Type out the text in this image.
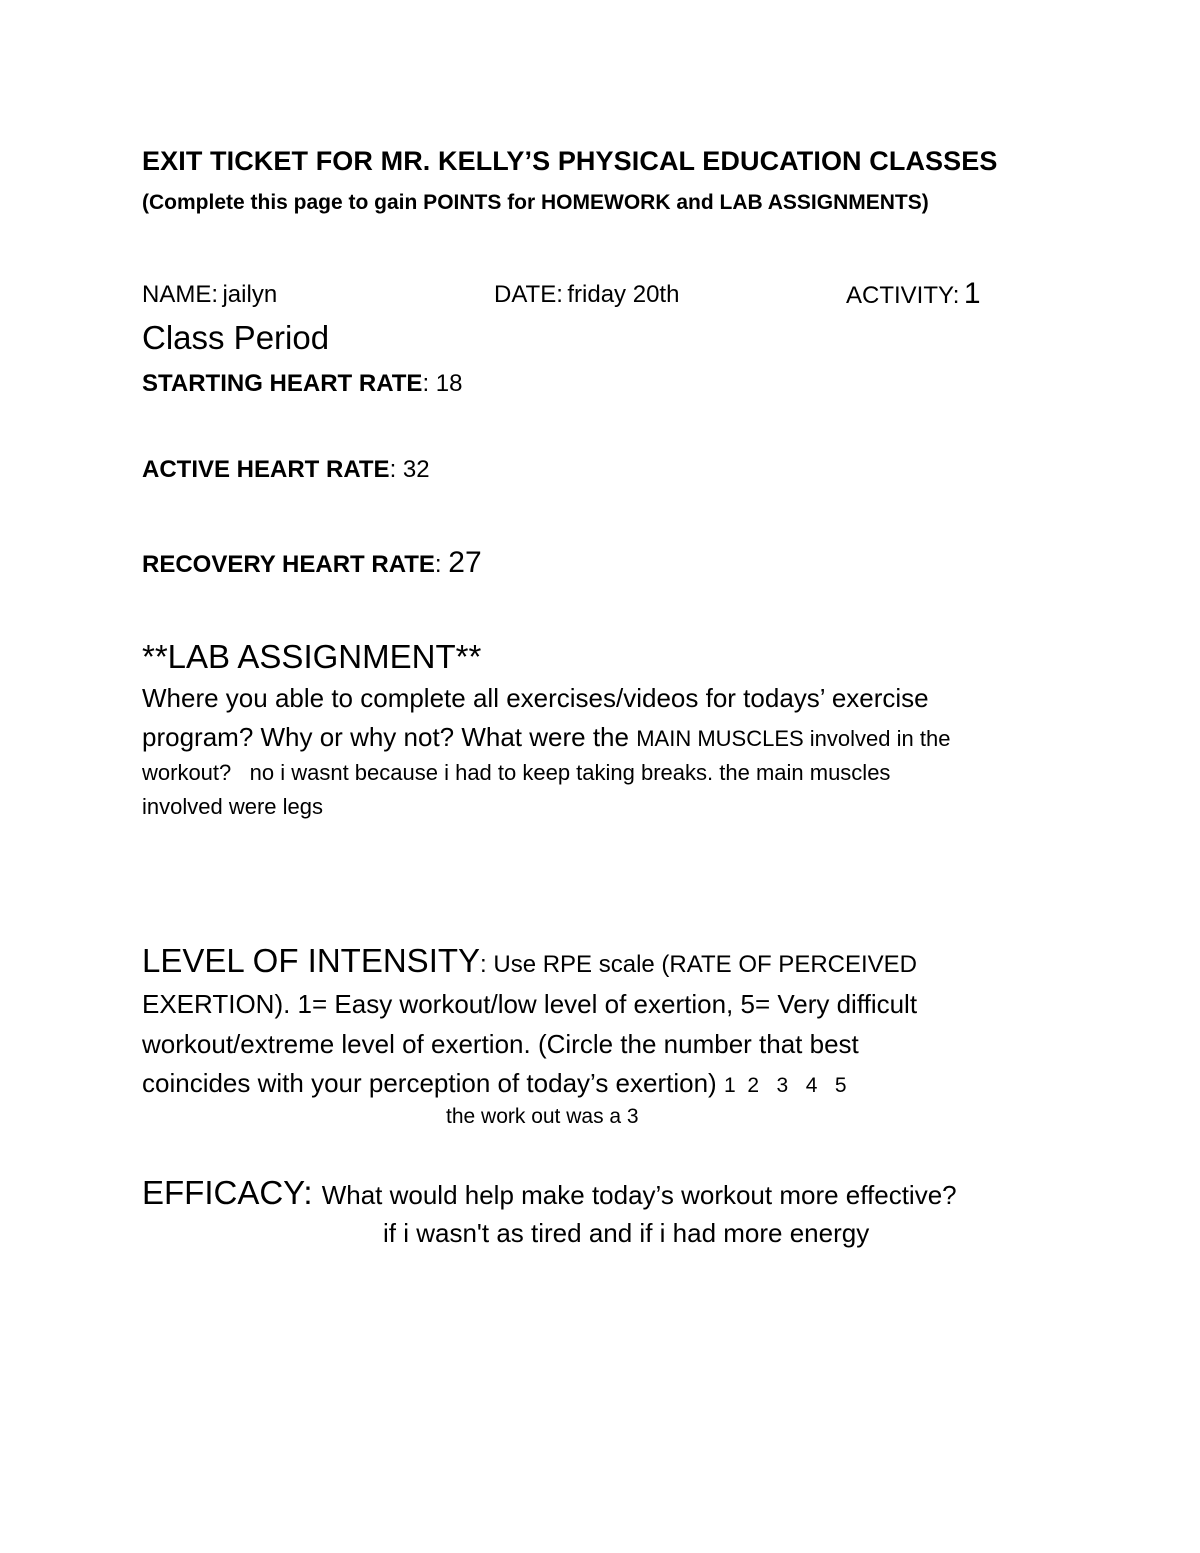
EXIT TICKET FOR MR. KELLY’S PHYSICAL EDUCATION CLASSES
(Complete this page to gain POINTS for HOMEWORK and LAB ASSIGNMENTS)
NAME: jailyn	DATE: friday 20th	ACTIVITY: 1
Class Period
STARTING HEART RATE: 18
ACTIVE HEART RATE: 32
RECOVERY HEART RATE: 27
**LAB ASSIGNMENT**
Where you able to complete all exercises/videos for todays’ exercise
program? Why or why not? What were the MAIN MUSCLES involved in the
workout? no i wasnt because i had to keep taking breaks. the main muscles
involved were legs
LEVEL OF INTENSITY: Use RPE scale (RATE OF PERCEIVED
EXERTION). 1= Easy workout/low level of exertion, 5= Very difficult
workout/extreme level of exertion. (Circle the number that best
coincides with your perception of today’s exertion) 1 2 3 4 5
the work out was a 3
EFFICACY: What would help make today’s workout more effective?
if i wasn't as tired and if i had more energy
